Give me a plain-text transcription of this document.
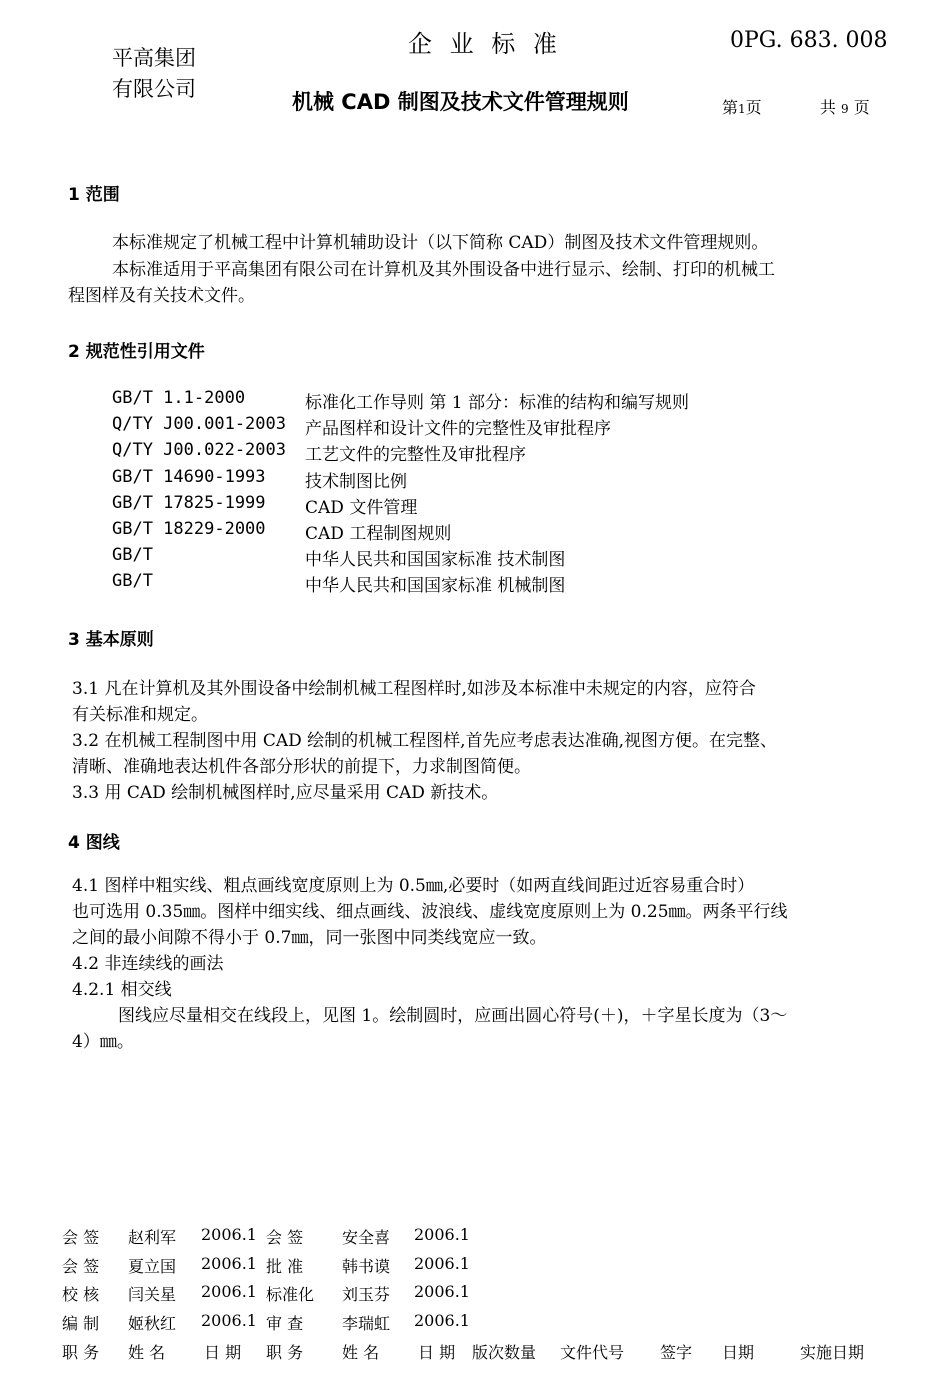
平高集团
有限公司
企 业 标 准	0PG. 683. 008
机械 CAD 制图及技术文件管理规则	第1页	共 9 页
1 范围
本标准规定了机械工程中计算机辅助设计（以下简称 CAD）制图及技术文件管理规则。
本标准适用于平高集团有限公司在计算机及其外围设备中进行显示、绘制、打印的机械工
程图样及有关技术文件。
2 规范性引用文件
GB/T 1.1-2000	标准化工作导则 第 1 部分：标准的结构和编写规则
Q/TY J00.001-2003 产品图样和设计文件的完整性及审批程序
Q/TY J00.022-2003 工艺文件的完整性及审批程序
GB/T 14690-1993 技术制图比例
GB/T 17825-1999 CAD 文件管理
GB/T 18229-2000 CAD 工程制图规则
GB/T	中华人民共和国国家标准 技术制图
GB/T	中华人民共和国国家标准 机械制图
3 基本原则
3.1 凡在计算机及其外围设备中绘制机械工程图样时,如涉及本标准中未规定的内容，应符合
有关标准和规定。
3.2 在机械工程制图中用 CAD 绘制的机械工程图样,首先应考虑表达准确,视图方便。在完整、
清晰、准确地表达机件各部分形状的前提下，力求制图简便。
3.3 用 CAD 绘制机械图样时,应尽量采用 CAD 新技术。
4 图线
4.1 图样中粗实线、粗点画线宽度原则上为 0.5㎜,必要时（如两直线间距过近容易重合时）
也可选用 0.35㎜。图样中细实线、细点画线、波浪线、虚线宽度原则上为 0.25㎜。两条平行线
之间的最小间隙不得小于 0.7㎜，同一张图中同类线宽应一致。
4.2 非连续线的画法
4.2.1 相交线
图线应尽量相交在线段上，见图 1。绘制圆时，应画出圆心符号(＋)，＋字星长度为（3～
4）㎜。
会 签 赵利军 2006.1 会 签 安全喜 2006.1
会 签 夏立国 2006.1 批 准 韩书谟 2006.1
校 核 闫关星 2006.1 标准化 刘玉芬 2006.1
编 制 姬秋红 2006.1 审 查 李瑞虹 2006.1
职 务 姓 名 日 期 职 务 姓 名 日 期 版次数量 文件代号 签字 日期	实施日期
